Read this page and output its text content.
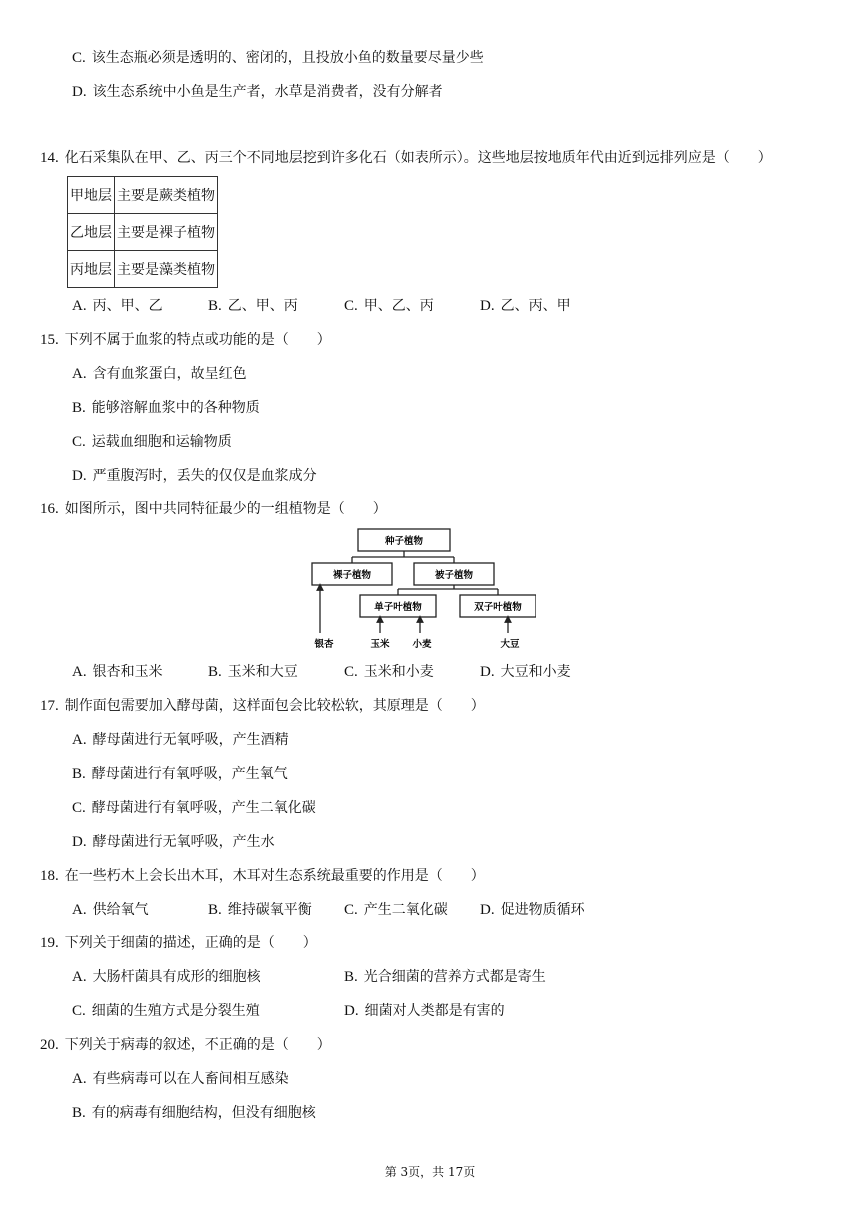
C. 该生态瓶必须是透明的、密闭的，且投放小鱼的数量要尽量少些
D. 该生态系统中小鱼是生产者，水草是消费者，没有分解者
14. 化石采集队在甲、乙、丙三个不同地层挖到许多化石（如表所示）。这些地层按地质年代由近到远排列应是（　　）
甲地层	主要是蕨类植物
乙地层	主要是裸子植物
丙地层	主要是藻类植物
A. 丙、甲、乙	B. 乙、甲、丙	C. 甲、乙、丙	D. 乙、丙、甲
15. 下列不属于血浆的特点或功能的是（　　）
A. 含有血浆蛋白，故呈红色
B. 能够溶解血浆中的各种物质
C. 运载血细胞和运输物质
D. 严重腹泻时，丢失的仅仅是血浆成分
16. 如图所示，图中共同特征最少的一组植物是（　　）
种子植物
裸子植物	被子植物
单子叶植物	双子叶植物
银杏	玉米 小麦	大豆
A. 银杏和玉米	B. 玉米和大豆	C. 玉米和小麦	D. 大豆和小麦
17. 制作面包需要加入酵母菌，这样面包会比较松软，其原理是（　　）
A. 酵母菌进行无氧呼吸，产生酒精
B. 酵母菌进行有氧呼吸，产生氧气
C. 酵母菌进行有氧呼吸，产生二氧化碳
D. 酵母菌进行无氧呼吸，产生水
18. 在一些朽木上会长出木耳，木耳对生态系统最重要的作用是（　　）
A. 供给氧气	B. 维持碳氧平衡 C. 产生二氧化碳 D. 促进物质循环
19. 下列关于细菌的描述，正确的是（　　）
A. 大肠杆菌具有成形的细胞核	B. 光合细菌的营养方式都是寄生
C. 细菌的生殖方式是分裂生殖	D. 细菌对人类都是有害的
20. 下列关于病毒的叙述，不正确的是（　　）
A. 有些病毒可以在人畜间相互感染
B. 有的病毒有细胞结构，但没有细胞核
第 3页，共 17页
